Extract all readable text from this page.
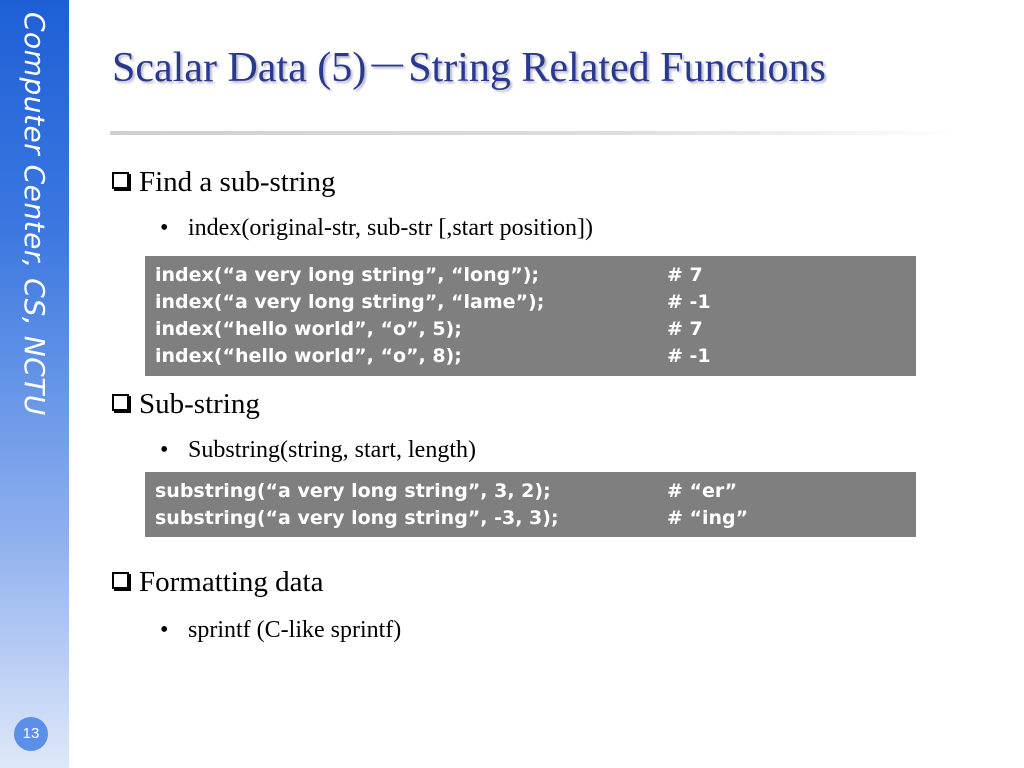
Computer Center, CS, NCTU
13
Scalar Data (5)－String Related Functions
Find a sub-string
• index(original-str, sub-str [,start position])
index(“a very long string”, “long”);	# 7
index(“a very long string”, “lame”);	# -1
index(“hello world”, “o”, 5);	# 7
index(“hello world”, “o”, 8);	# -1
Sub-string
• Substring(string, start, length)
substring(“a very long string”, 3, 2);	# “er”
substring(“a very long string”, -3, 3);	# “ing”
Formatting data
• sprintf (C-like sprintf)
